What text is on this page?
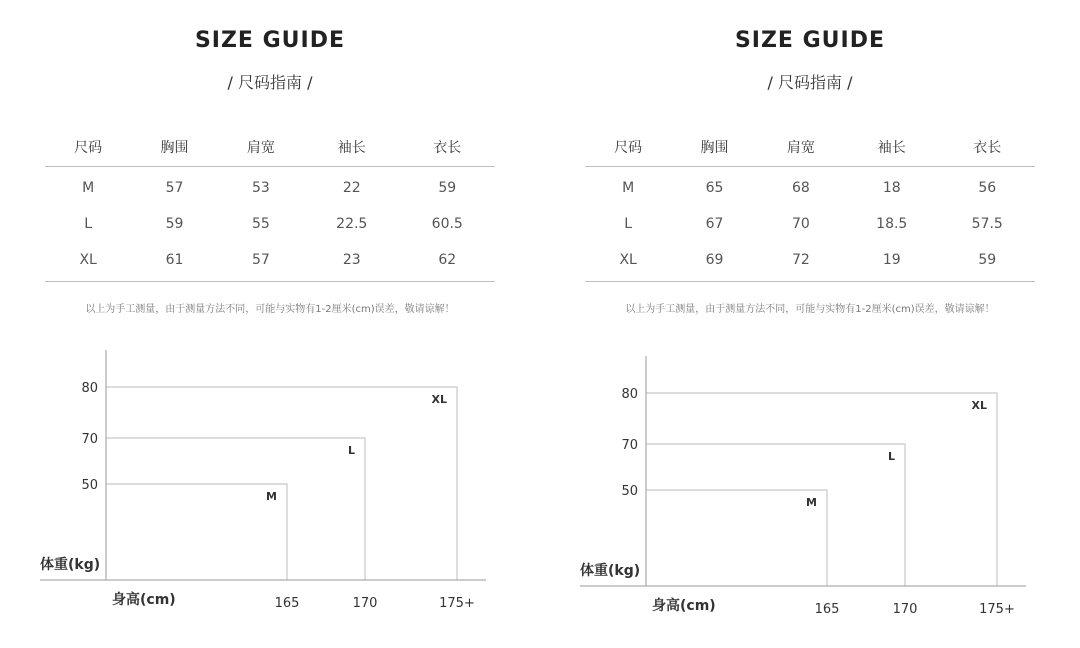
SIZE GUIDE
/ 尺码指南 /
尺码	胸围	肩宽	袖长	衣长
M	57	53	22	59
L	59	55	22.5	60.5
XL	61	57	23	62
以上为手工测量，由于测量方法不同，可能与实物有1-2厘米(cm)误差，敬请谅解！
XL
L
M
50
70
80
165	170	175+
体重(kg)
身高(cm)
SIZE GUIDE
/ 尺码指南 /
尺码	胸围	肩宽	袖长	衣长
M	65	68	18	56
L	67	70	18.5	57.5
XL	69	72	19	59
以上为手工测量，由于测量方法不同，可能与实物有1-2厘米(cm)误差，敬请谅解！
XL
L
M
50
70
80
165	170	175+
体重(kg)
身高(cm)
